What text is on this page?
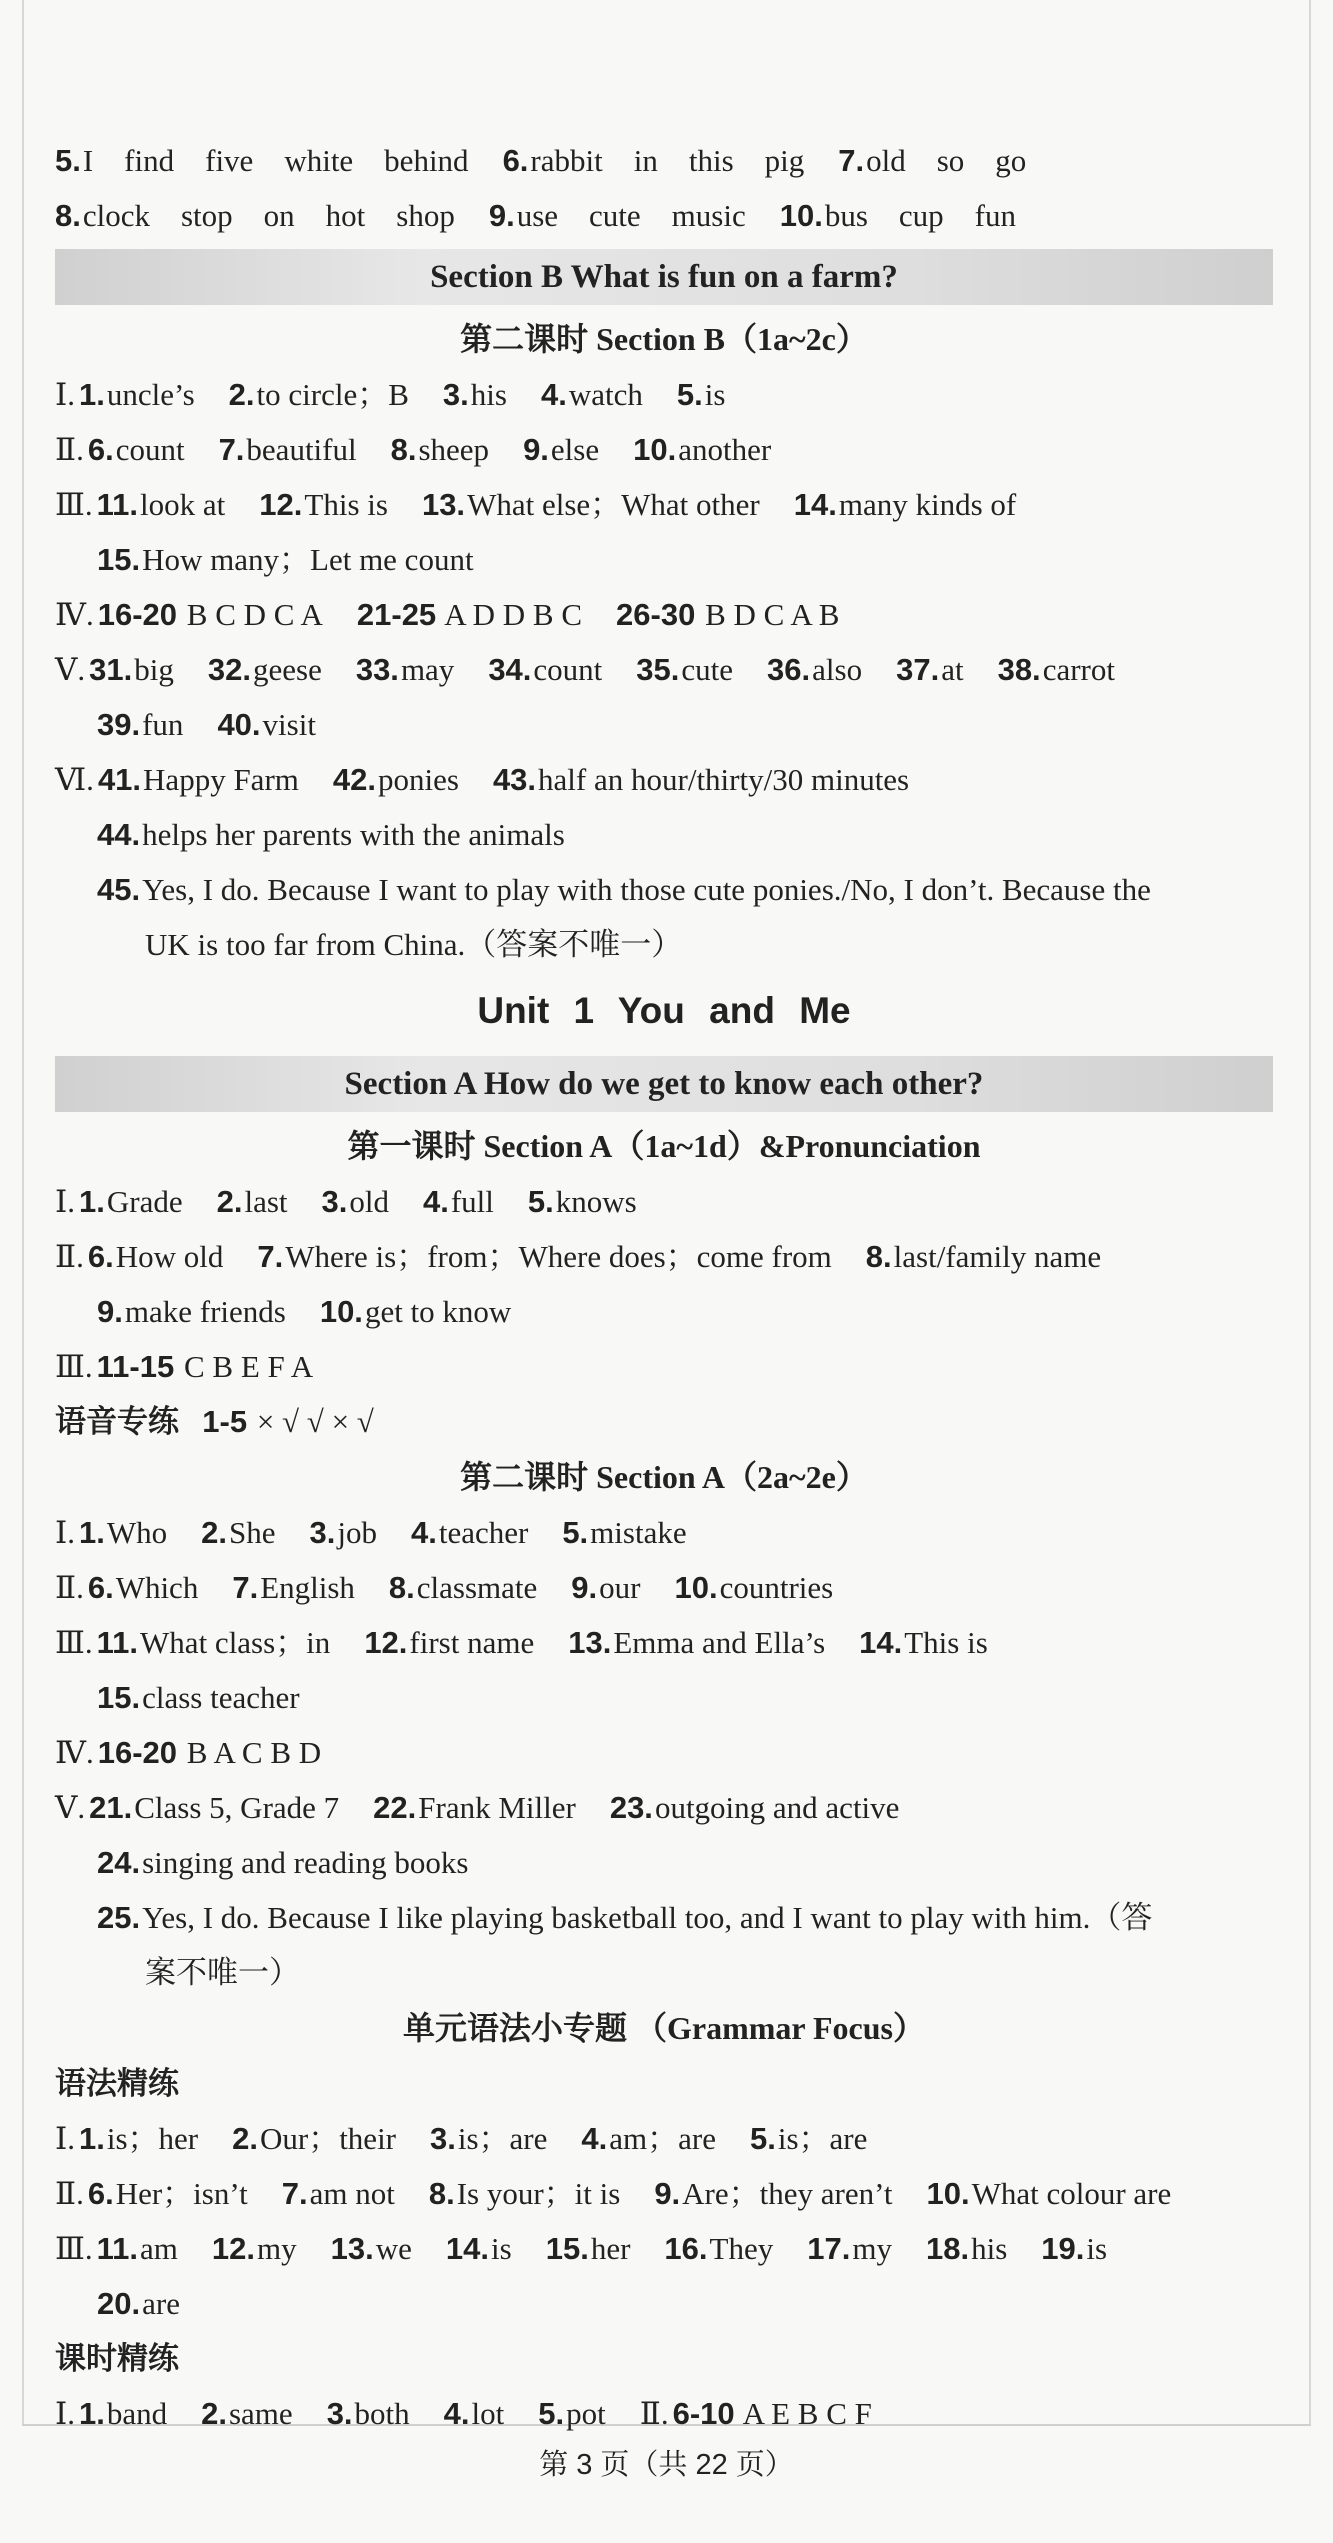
5.I    find    five    white    behind 6.rabbit    in    this    pig 7.old    so    go
8.clock    stop    on    hot    shop 9.use    cute    music 10.bus    cup    fun
Section B What is fun on a farm?
第二课时 Section B（1a~2c）
Ⅰ. 1.uncle’s 2.to circle；B 3.his 4.watch 5.is
Ⅱ. 6.count 7.beautiful 8.sheep 9.else 10.another
Ⅲ. 11.look at 12.This is 13.What else；What other 14.many kinds of
15.How many；Let me count
Ⅳ. 16-20 B C D C A 21-25 A D D B C 26-30 B D C A B
Ⅴ. 31.big 32.geese 33.may 34.count 35.cute 36.also 37.at 38.carrot
39.fun 40.visit
Ⅵ. 41.Happy Farm 42.ponies 43.half an hour/thirty/30 minutes
44.helps her parents with the animals
45.Yes, I do. Because I want to play with those cute ponies./No, I don’t. Because the
UK is too far from China.（答案不唯一）
Unit 1 You and Me
Section A How do we get to know each other?
第一课时 Section A（1a~1d）&Pronunciation
Ⅰ. 1.Grade 2.last 3.old 4.full 5.knows
Ⅱ. 6.How old 7.Where is；from；Where does；come from 8.last/family name
9.make friends 10.get to know
Ⅲ. 11-15 C B E F A
语音专练 1-5 × √ √ × √
第二课时 Section A（2a~2e）
Ⅰ. 1.Who 2.She 3.job 4.teacher 5.mistake
Ⅱ. 6.Which 7.English 8.classmate 9.our 10.countries
Ⅲ. 11.What class；in 12.first name 13.Emma and Ella’s 14.This is
15.class teacher
Ⅳ. 16-20 B A C B D
Ⅴ. 21.Class 5, Grade 7 22.Frank Miller 23.outgoing and active
24.singing and reading books
25.Yes, I do. Because I like playing basketball too, and I want to play with him.（答
案不唯一）
单元语法小专题 （Grammar Focus）
语法精练
Ⅰ. 1.is；her 2.Our；their 3.is；are 4.am；are 5.is；are
Ⅱ. 6.Her；isn’t 7.am not 8.Is your；it is 9.Are；they aren’t 10.What colour are
Ⅲ. 11.am 12.my 13.we 14.is 15.her 16.They 17.my 18.his 19.is
20.are
课时精练
Ⅰ. 1.band 2.same 3.both 4.lot 5.pot Ⅱ. 6-10 A E B C F
第 3 页（共 22 页）
